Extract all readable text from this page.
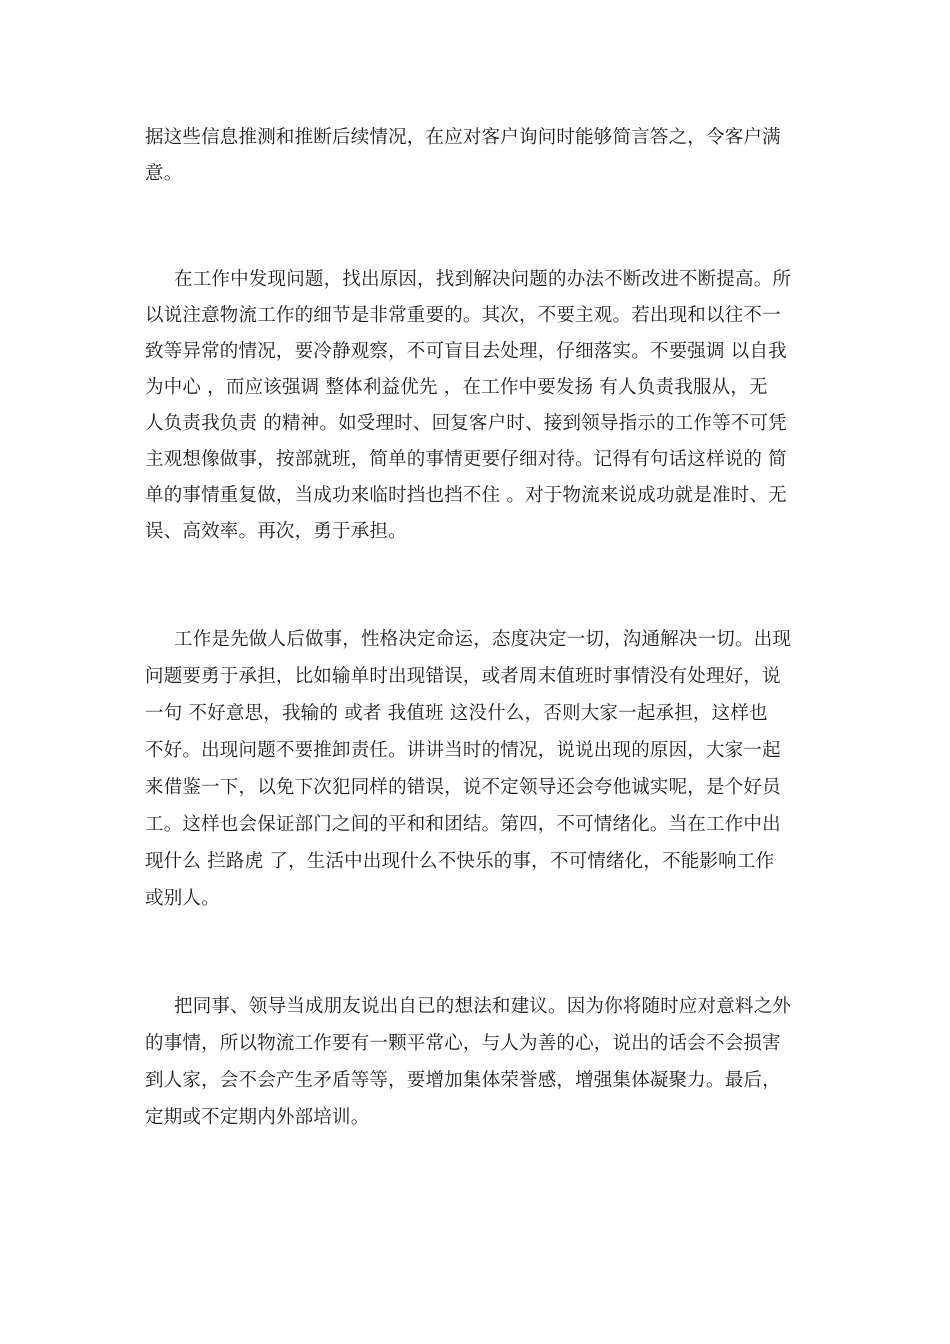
据这些信息推测和推断后续情况，在应对客户询问时能够简言答之，令客户满
意。
在工作中发现问题，找出原因，找到解决问题的办法不断改进不断提高。所
以说注意物流工作的细节是非常重要的。其次，不要主观。若出现和以往不一
致等异常的情况，要冷静观察，不可盲目去处理，仔细落实。不要强调 以自我
为中心 ，而应该强调 整体利益优先 ，在工作中要发扬 有人负责我服从，无
人负责我负责 的精神。如受理时、回复客户时、接到领导指示的工作等不可凭
主观想像做事，按部就班，简单的事情更要仔细对待。记得有句话这样说的 简
单的事情重复做，当成功来临时挡也挡不住 。对于物流来说成功就是准时、无
误、高效率。再次，勇于承担。
工作是先做人后做事，性格决定命运，态度决定一切，沟通解决一切。出现
问题要勇于承担，比如输单时出现错误，或者周末值班时事情没有处理好，说
一句 不好意思，我输的 或者 我值班 这没什么，否则大家一起承担，这样也
不好。出现问题不要推卸责任。讲讲当时的情况，说说出现的原因，大家一起
来借鉴一下，以免下次犯同样的错误，说不定领导还会夸他诚实呢，是个好员
工。这样也会保证部门之间的平和和团结。第四，不可情绪化。当在工作中出
现什么 拦路虎 了，生活中出现什么不快乐的事，不可情绪化，不能影响工作
或别人。
把同事、领导当成朋友说出自已的想法和建议。因为你将随时应对意料之外
的事情，所以物流工作要有一颗平常心，与人为善的心，说出的话会不会损害
到人家，会不会产生矛盾等等，要增加集体荣誉感，增强集体凝聚力。最后，
定期或不定期内外部培训。
